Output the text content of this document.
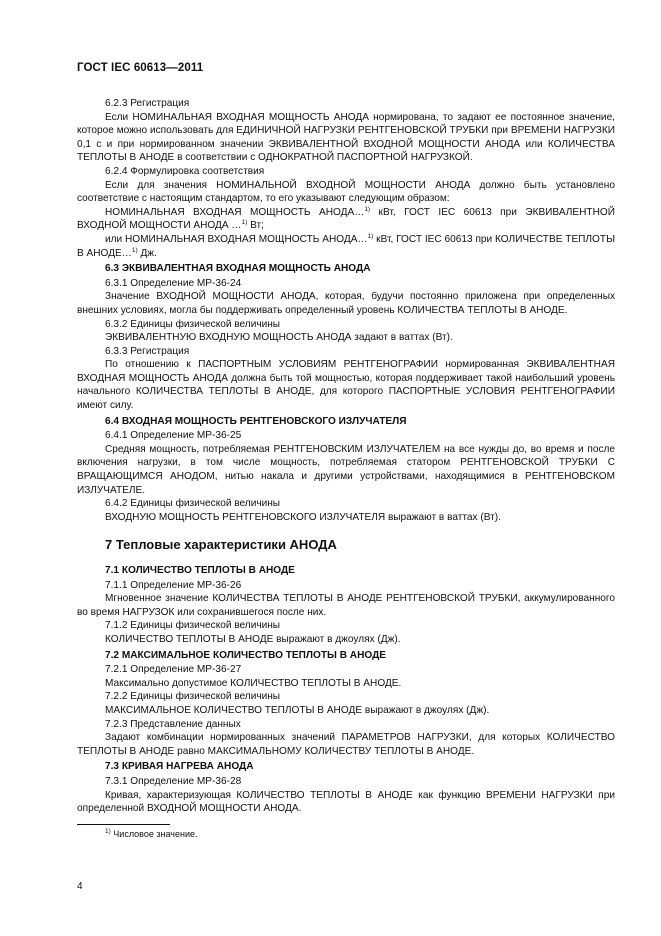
ГОСТ IEC 60613—2011

6.2.3 Регистрация

Если НОМИНАЛЬНАЯ ВХОДНАЯ МОЩНОСТЬ АНОДА нормирована, то задают ее постоянное значение, которое можно использовать для ЕДИНИЧНОЙ НАГРУЗКИ РЕНТГЕНОВСКОЙ ТРУБКИ при ВРЕМЕНИ НАГРУЗКИ 0,1 с и при нормированном значении ЭКВИВАЛЕНТНОЙ ВХОДНОЙ МОЩНОСТИ АНОДА или КОЛИЧЕСТВА ТЕПЛОТЫ В АНОДЕ в соответствии с ОДНОКРАТНОЙ ПАСПОРТНОЙ НАГРУЗКОЙ.

6.2.4 Формулировка соответствия

Если для значения НОМИНАЛЬНОЙ ВХОДНОЙ МОЩНОСТИ АНОДА должно быть установлено соответствие с настоящим стандартом, то его указывают следующим образом:

НОМИНАЛЬНАЯ ВХОДНАЯ МОЩНОСТЬ АНОДА…$^{1)}$ кВт, ГОСТ IEC 60613 при ЭКВИВАЛЕНТНОЙ ВХОДНОЙ МОЩНОСТИ АНОДА …$^{1)}$ Вт;

или НОМИНАЛЬНАЯ ВХОДНАЯ МОЩНОСТЬ АНОДА…$^{1)}$ кВт, ГОСТ IEC 60613 при КОЛИЧЕСТВЕ ТЕПЛОТЫ В АНОДЕ…$^{1)}$ Дж.

6.3 ЭКВИВАЛЕНТНАЯ ВХОДНАЯ МОЩНОСТЬ АНОДА

6.3.1 Определение МР-36-24

Значение ВХОДНОЙ МОЩНОСТИ АНОДА, которая, будучи постоянно приложена при определенных внешних условиях, могла бы поддерживать определенный уровень КОЛИЧЕСТВА ТЕПЛОТЫ В АНОДЕ.

6.3.2 Единицы физической величины

ЭКВИВАЛЕНТНУЮ ВХОДНУЮ МОЩНОСТЬ АНОДА задают в ваттах (Вт).

6.3.3 Регистрация

По отношению к ПАСПОРТНЫМ УСЛОВИЯМ РЕНТГЕНОГРАФИИ нормированная ЭКВИВАЛЕНТНАЯ ВХОДНАЯ МОЩНОСТЬ АНОДА должна быть той мощностью, которая поддерживает такой наибольший уровень начального КОЛИЧЕСТВА ТЕПЛОТЫ В АНОДЕ, для которого ПАСПОРТНЫЕ УСЛОВИЯ РЕНТГЕНОГРАФИИ имеют силу.

6.4 ВХОДНАЯ МОЩНОСТЬ РЕНТГЕНОВСКОГО ИЗЛУЧАТЕЛЯ

6.4.1 Определение МР-36-25

Средняя мощность, потребляемая РЕНТГЕНОВСКИМ ИЗЛУЧАТЕЛЕМ на все нужды до, во время и после включения нагрузки, в том числе мощность, потребляемая статором РЕНТГЕНОВСКОЙ ТРУБКИ С ВРАЩАЮЩИМСЯ АНОДОМ, нитью накала и другими устройствами, находящимися в РЕНТГЕНОВСКОМ ИЗЛУЧАТЕЛЕ.

6.4.2 Единицы физической величины

ВХОДНУЮ МОЩНОСТЬ РЕНТГЕНОВСКОГО ИЗЛУЧАТЕЛЯ выражают в ваттах (Вт).

7 Тепловые характеристики АНОДА

7.1 КОЛИЧЕСТВО ТЕПЛОТЫ В АНОДЕ

7.1.1 Определение МР-36-26

Мгновенное значение КОЛИЧЕСТВА ТЕПЛОТЫ В АНОДЕ РЕНТГЕНОВСКОЙ ТРУБКИ, аккумулированного во время НАГРУЗОК или сохранившегося после них.

7.1.2 Единицы физической величины

КОЛИЧЕСТВО ТЕПЛОТЫ В АНОДЕ выражают в джоулях (Дж).

7.2 МАКСИМАЛЬНОЕ КОЛИЧЕСТВО ТЕПЛОТЫ В АНОДЕ

7.2.1 Определение МР-36-27

Максимально допустимое КОЛИЧЕСТВО ТЕПЛОТЫ В АНОДЕ.

7.2.2 Единицы физической величины

МАКСИМАЛЬНОЕ КОЛИЧЕСТВО ТЕПЛОТЫ В АНОДЕ выражают в джоулях (Дж).

7.2.3 Представление данных

Задают комбинации нормированных значений ПАРАМЕТРОВ НАГРУЗКИ, для которых КОЛИЧЕСТВО ТЕПЛОТЫ В АНОДЕ равно МАКСИМАЛЬНОМУ КОЛИЧЕСТВУ ТЕПЛОТЫ В АНОДЕ.

7.3 КРИВАЯ НАГРЕВА АНОДА

7.3.1 Определение МР-36-28

Кривая, характеризующая КОЛИЧЕСТВО ТЕПЛОТЫ В АНОДЕ как функцию ВРЕМЕНИ НАГРУЗКИ при определенной ВХОДНОЙ МОЩНОСТИ АНОДА.

$^{1)}$ Числовое значение.
4
